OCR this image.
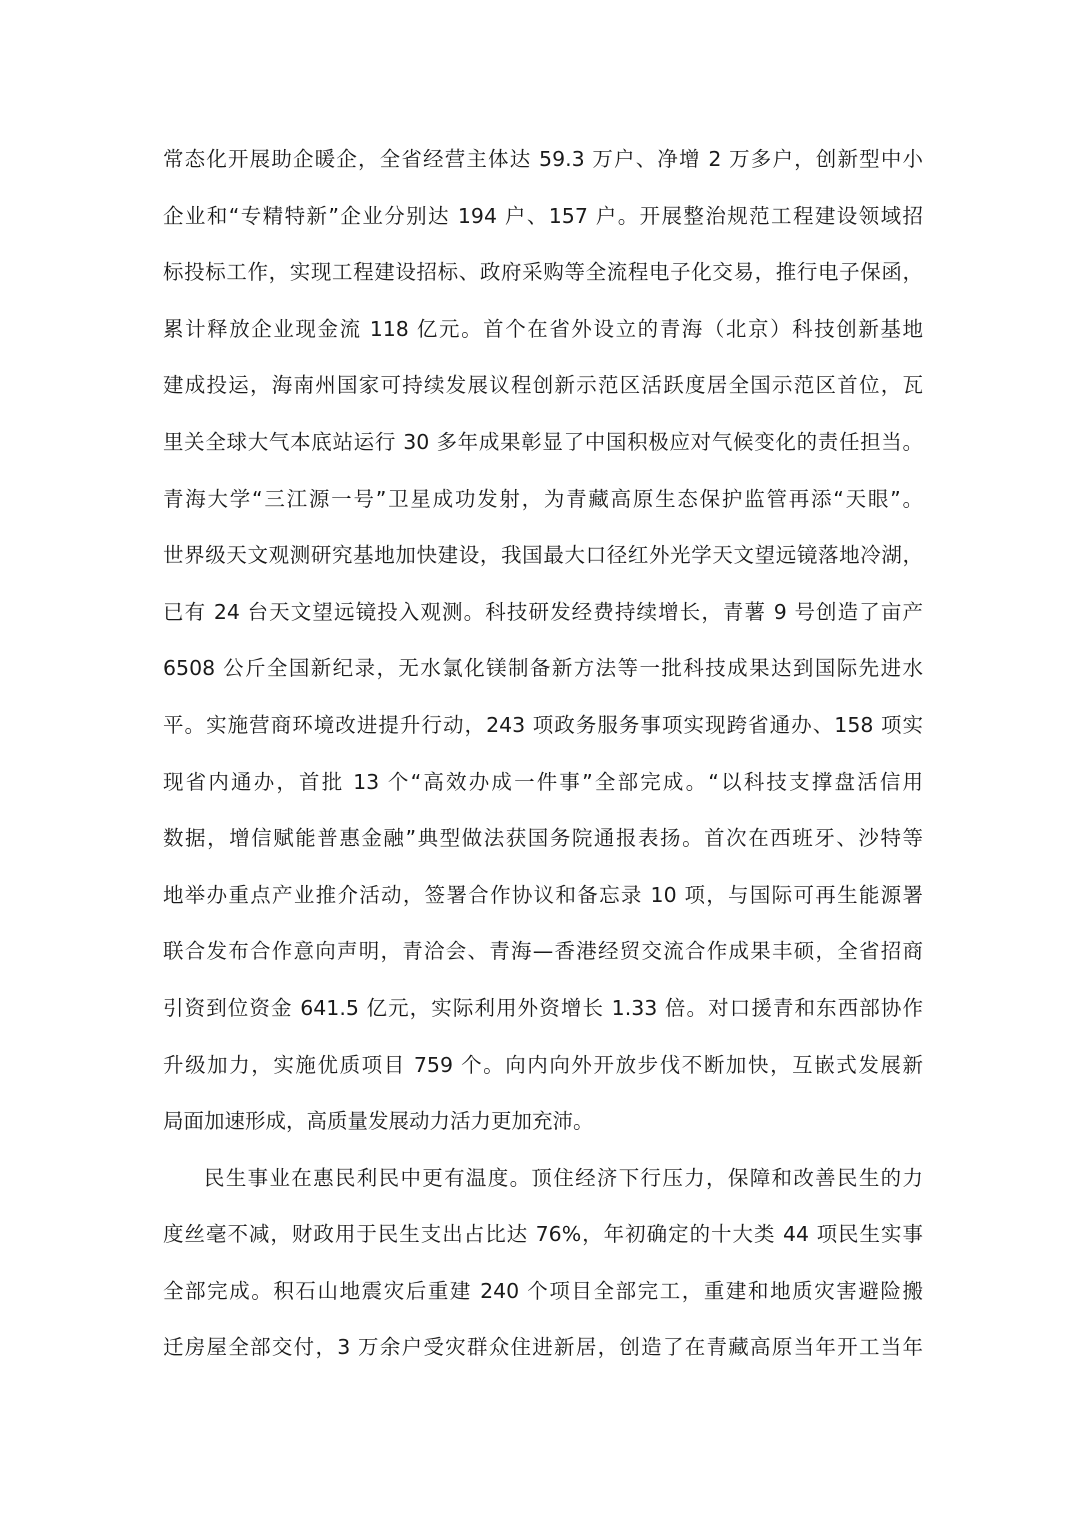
常态化开展助企暖企，全省经营主体达 59.3 万户、净增 2 万多户，创新型中小
企业和“专精特新”企业分别达 194 户、157 户。开展整治规范工程建设领域招
标投标工作，实现工程建设招标、政府采购等全流程电子化交易，推行电子保函，
累计释放企业现金流 118 亿元。首个在省外设立的青海（北京）科技创新基地
建成投运，海南州国家可持续发展议程创新示范区活跃度居全国示范区首位，瓦
里关全球大气本底站运行 30 多年成果彰显了中国积极应对气候变化的责任担当。
青海大学“三江源一号”卫星成功发射，为青藏高原生态保护监管再添“天眼”。
世界级天文观测研究基地加快建设，我国最大口径红外光学天文望远镜落地冷湖，
已有 24 台天文望远镜投入观测。科技研发经费持续增长，青薯 9 号创造了亩产
6508 公斤全国新纪录，无水氯化镁制备新方法等一批科技成果达到国际先进水
平。实施营商环境改进提升行动，243 项政务服务事项实现跨省通办、158 项实
现省内通办，首批 13 个“高效办成一件事”全部完成。“以科技支撑盘活信用
数据，增信赋能普惠金融”典型做法获国务院通报表扬。首次在西班牙、沙特等
地举办重点产业推介活动，签署合作协议和备忘录 10 项，与国际可再生能源署
联合发布合作意向声明，青洽会、青海—香港经贸交流合作成果丰硕，全省招商
引资到位资金 641.5 亿元，实际利用外资增长 1.33 倍。对口援青和东西部协作
升级加力，实施优质项目 759 个。向内向外开放步伐不断加快，互嵌式发展新
局面加速形成，高质量发展动力活力更加充沛。
民生事业在惠民利民中更有温度。顶住经济下行压力，保障和改善民生的力
度丝毫不减，财政用于民生支出占比达 76%，年初确定的十大类 44 项民生实事
全部完成。积石山地震灾后重建 240 个项目全部完工，重建和地质灾害避险搬
迁房屋全部交付，3 万余户受灾群众住进新居，创造了在青藏高原当年开工当年
